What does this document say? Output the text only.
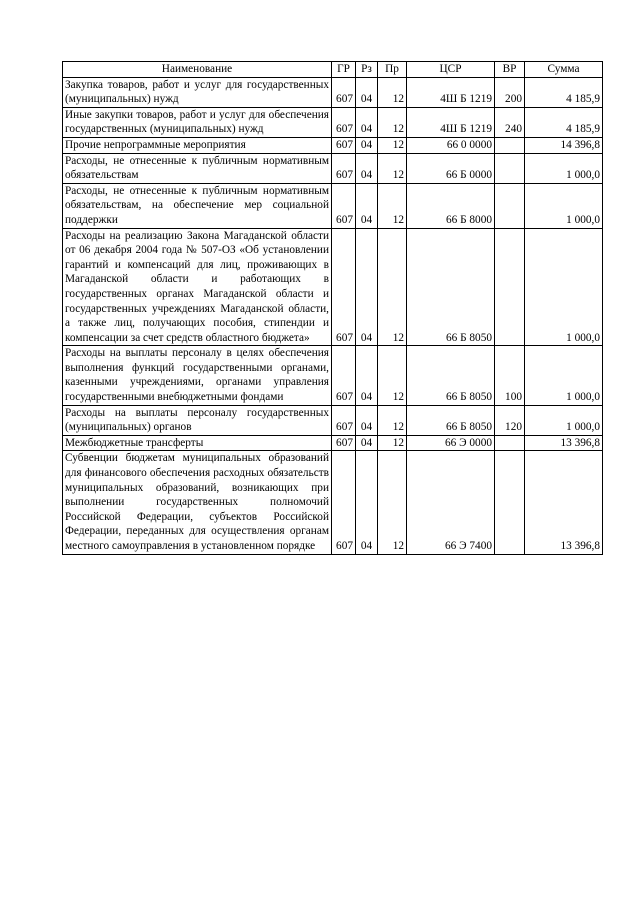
Наименование	ГР	Рз	Пр	ЦСР	ВР	Сумма
Закупка товаров, работ и услуг для государственных (муниципальных) нужд	607	04	12	4Ш Б 1219	200	4 185,9
Иные закупки товаров, работ и услуг для обеспечения государственных (муниципальных) нужд	607	04	12	4Ш Б 1219	240	4 185,9
Прочие непрограммные мероприятия	607	04	12	66 0 0000		14 396,8
Расходы, не отнесенные к публичным нормативным обязательствам	607	04	12	66 Б 0000		1 000,0
Расходы, не отнесенные к публичным нормативным обязательствам, на обеспечение мер социальной поддержки	607	04	12	66 Б 8000		1 000,0
Расходы на реализацию Закона Магаданской области от 06 декабря 2004 года № 507-ОЗ «Об установлении гарантий и компенсаций для лиц, проживающих в Магаданской области и работающих в государственных органах Магаданской области и государственных учреждениях Магаданской области, а также лиц, получающих пособия, стипендии и компенсации за счет средств областного бюджета»	607	04	12	66 Б 8050		1 000,0
Расходы на выплаты персоналу в целях обеспечения выполнения функций государственными органами, казенными учреждениями, органами управления государственными внебюджетными фондами	607	04	12	66 Б 8050	100	1 000,0
Расходы на выплаты персоналу государственных (муниципальных) органов	607	04	12	66 Б 8050	120	1 000,0
Межбюджетные трансферты	607	04	12	66 Э 0000		13 396,8
Субвенции бюджетам муниципальных образований для финансового обеспечения расходных обязательств муниципальных образований, возникающих при выполнении государственных полномочий Российской Федерации, субъектов Российской Федерации, переданных для осуществления органам местного самоуправления в установленном порядке	607	04	12	66 Э 7400		13 396,8
